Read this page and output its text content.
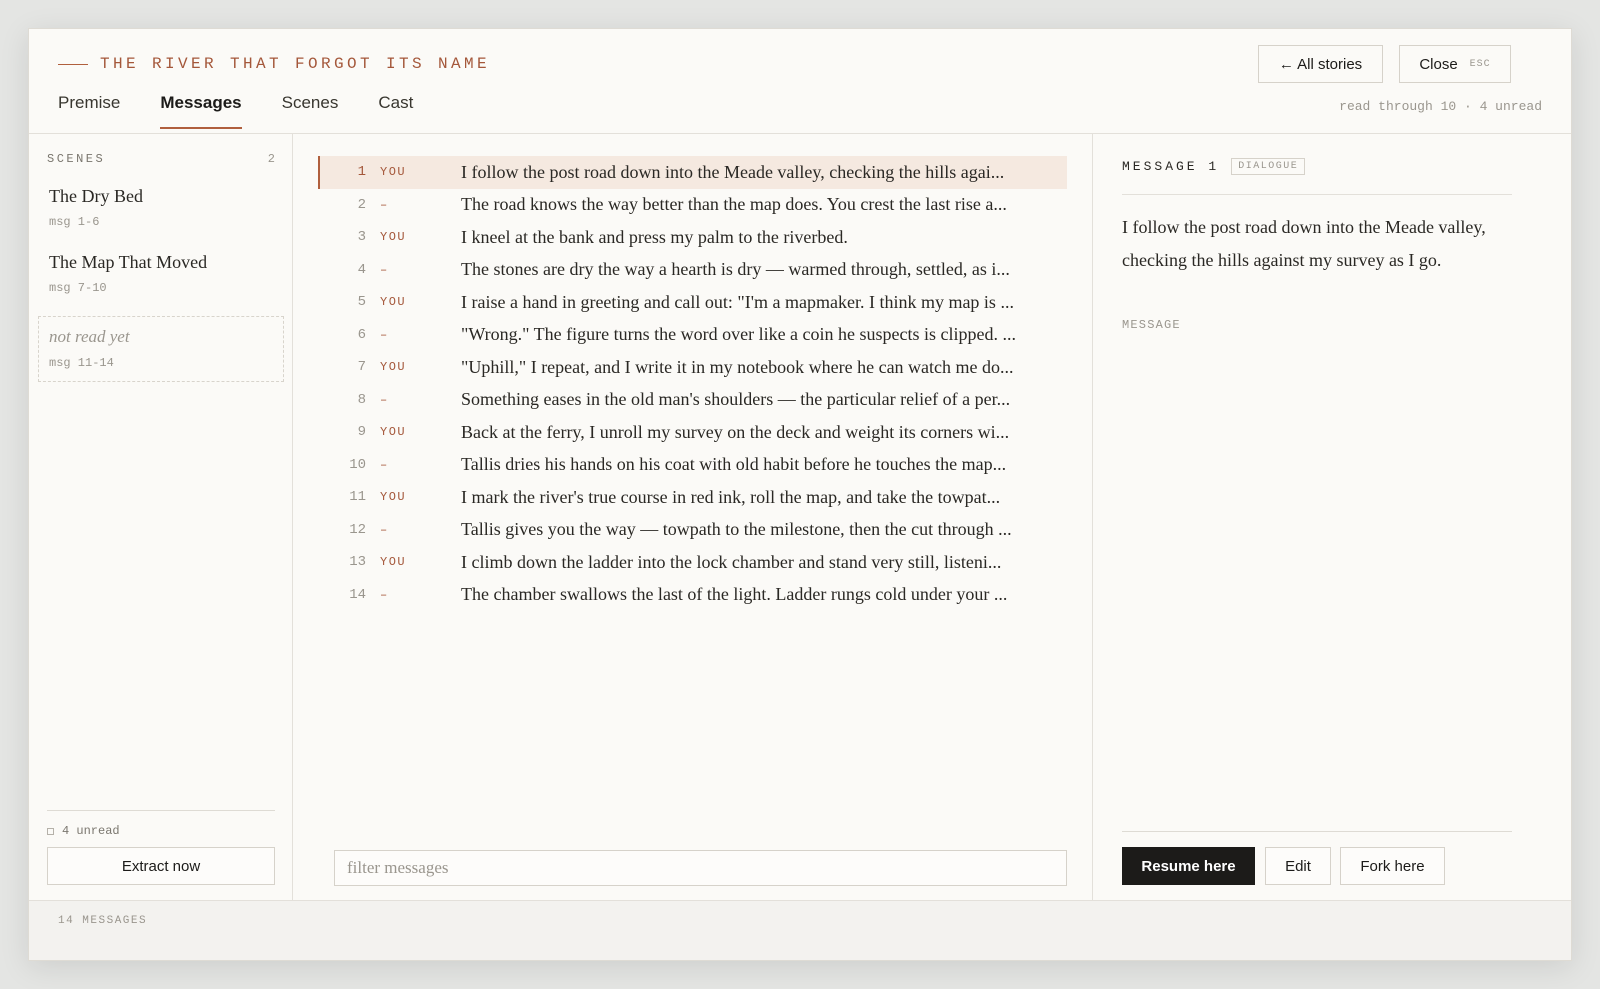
THE RIVER THAT FORGOT ITS NAME
Premise Messages Scenes Cast
← All stories	Close ESC
read through 10 · 4 unread
SCENES	2
The Dry Bed
msg 1-6
The Map That Moved
msg 7-10
not read yet
msg 11-14
4 unread
Extract now
1	YOU	I follow the post road down into the Meade valley, checking the hills agai...
2	–	The road knows the way better than the map does. You crest the last rise a...
3	YOU	I kneel at the bank and press my palm to the riverbed.
4	–	The stones are dry the way a hearth is dry — warmed through, settled, as i...
5	YOU	I raise a hand in greeting and call out: "I'm a mapmaker. I think my map is ...
6	–	"Wrong." The figure turns the word over like a coin he suspects is clipped. ...
7	YOU	"Uphill," I repeat, and I write it in my notebook where he can watch me do...
8	–	Something eases in the old man's shoulders — the particular relief of a per...
9	YOU	Back at the ferry, I unroll my survey on the deck and weight its corners wi...
10	–	Tallis dries his hands on his coat with old habit before he touches the map...
11	YOU	I mark the river's true course in red ink, roll the map, and take the towpat...
12	–	Tallis gives you the way — towpath to the milestone, then the cut through ...
13	YOU	I climb down the ladder into the lock chamber and stand very still, listeni...
14	–	The chamber swallows the last of the light. Ladder rungs cold under your ...
filter messages
MESSAGE 1	DIALOGUE
I follow the post road down into the Meade valley, checking the hills against my survey as I go.
MESSAGE
Resume here	Edit	Fork here
14 MESSAGES
